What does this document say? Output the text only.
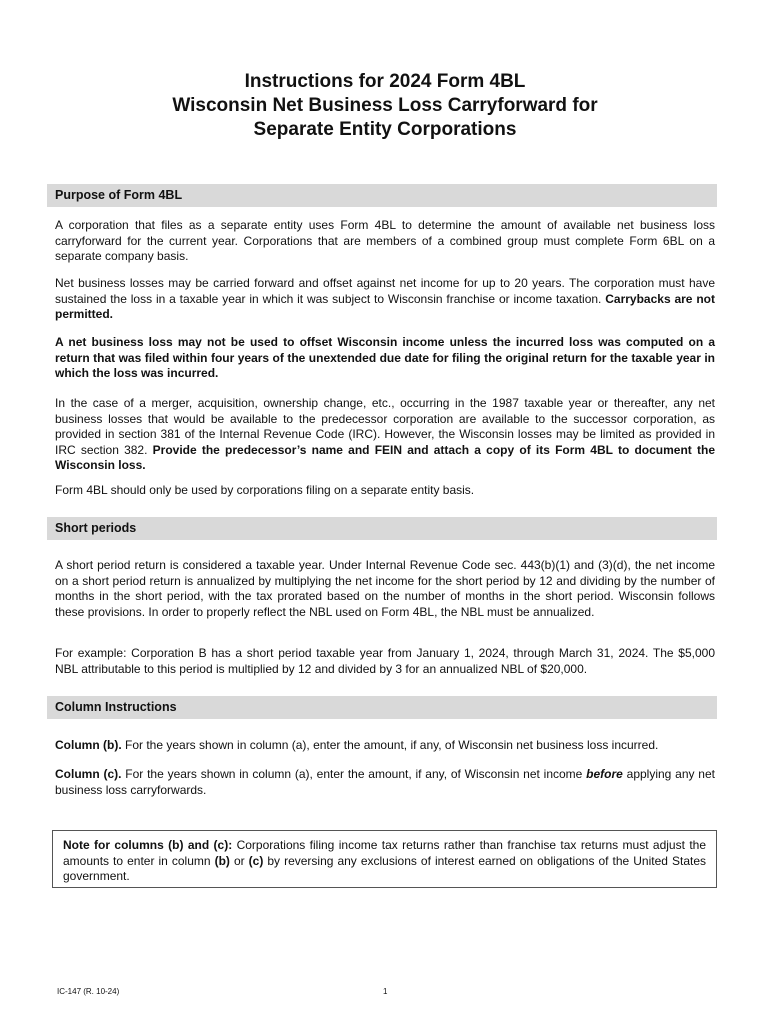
Instructions for 2024 Form 4BL
Wisconsin Net Business Loss Carryforward for
Separate Entity Corporations
Purpose of Form 4BL

A corporation that files as a separate entity uses Form 4BL to determine the amount of available net business loss carryforward for the current year. Corporations that are members of a combined group must complete Form 6BL on a separate company basis.

Net business losses may be carried forward and offset against net income for up to 20 years. The corporation must have sustained the loss in a taxable year in which it was subject to Wisconsin franchise or income taxation. Carrybacks are not permitted.

A net business loss may not be used to offset Wisconsin income unless the incurred loss was computed on a return that was filed within four years of the unextended due date for filing the original return for the taxable year in which the loss was incurred.

In the case of a merger, acquisition, ownership change, etc., occurring in the 1987 taxable year or thereafter, any net business losses that would be available to the predecessor corporation are available to the successor corporation, as provided in section 381 of the Internal Revenue Code (IRC). However, the Wisconsin losses may be limited as provided in IRC section 382. Provide the predecessor’s name and FEIN and attach a copy of its Form 4BL to document the Wisconsin loss.

Form 4BL should only be used by corporations filing on a separate entity basis.

Short periods

A short period return is considered a taxable year. Under Internal Revenue Code sec. 443(b)(1) and (3)(d), the net income on a short period return is annualized by multiplying the net income for the short period by 12 and dividing by the number of months in the short period, with the tax prorated based on the number of months in the short period. Wisconsin follows these provisions. In order to properly reflect the NBL used on Form 4BL, the NBL must be annualized.

For example: Corporation B has a short period taxable year from January 1, 2024, through March 31, 2024. The $5,000 NBL attributable to this period is multiplied by 12 and divided by 3 for an annualized NBL of $20,000.

Column Instructions

Column (b). For the years shown in column (a), enter the amount, if any, of Wisconsin net business loss incurred.

Column (c). For the years shown in column (a), enter the amount, if any, of Wisconsin net income before applying any net business loss carryforwards.

Note for columns (b) and (c): Corporations filing income tax returns rather than franchise tax returns must adjust the amounts to enter in column (b) or (c) by reversing any exclusions of interest earned on obligations of the United States government.
IC-147 (R. 10-24)	1
